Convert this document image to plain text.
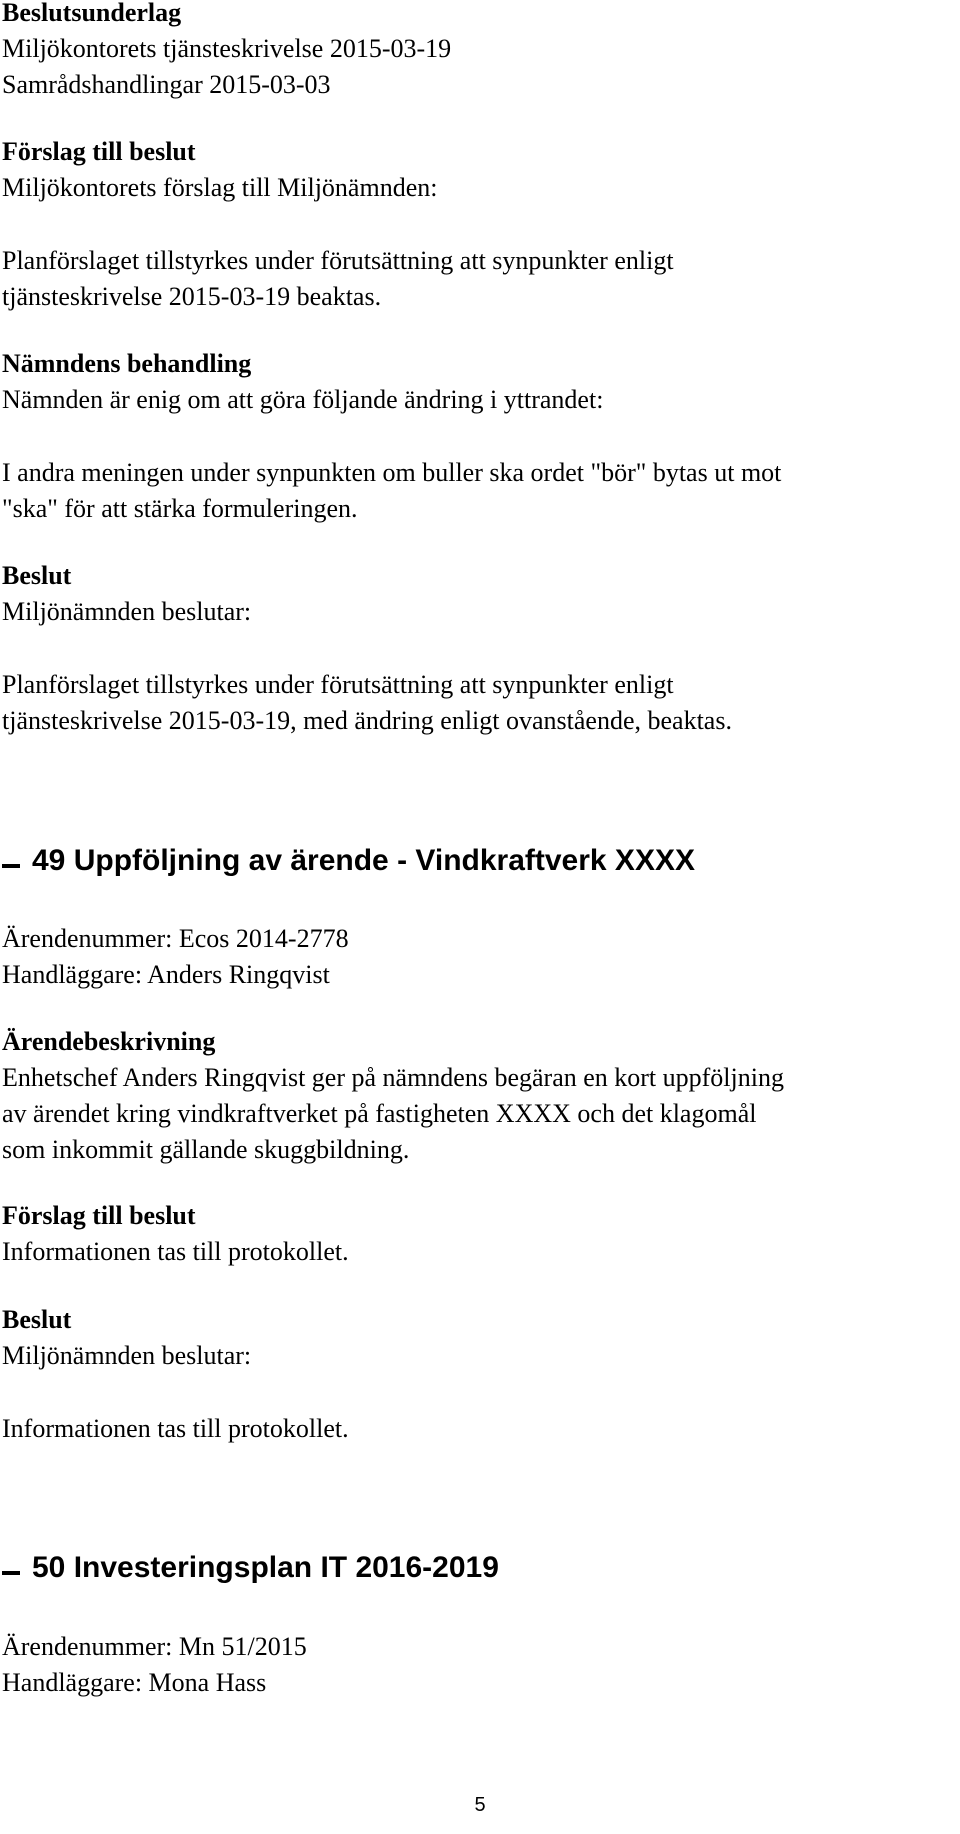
Beslutsunderlag

Miljökontorets tjänsteskrivelse 2015-03-19

Samrådshandlingar 2015-03-03

Förslag till beslut

Miljökontorets förslag till Miljönämnden:

Planförslaget tillstyrkes under förutsättning att synpunkter enligt

tjänsteskrivelse 2015-03-19 beaktas.

Nämndens behandling

Nämnden är enig om att göra följande ändring i yttrandet:

I andra meningen under synpunkten om buller ska ordet "bör" bytas ut mot

"ska" för att stärka formuleringen.

Beslut

Miljönämnden beslutar:

Planförslaget tillstyrkes under förutsättning att synpunkter enligt

tjänsteskrivelse 2015-03-19, med ändring enligt ovanstående, beaktas.

49 Uppföljning av ärende - Vindkraftverk XXXX

Ärendenummer: Ecos 2014-2778

Handläggare: Anders Ringqvist

Ärendebeskrivning

Enhetschef Anders Ringqvist ger på nämndens begäran en kort uppföljning

av ärendet kring vindkraftverket på fastigheten XXXX och det klagomål

som inkommit gällande skuggbildning.

Förslag till beslut

Informationen tas till protokollet.

Beslut

Miljönämnden beslutar:

Informationen tas till protokollet.

50 Investeringsplan IT 2016-2019

Ärendenummer: Mn 51/2015

Handläggare: Mona Hass

5
